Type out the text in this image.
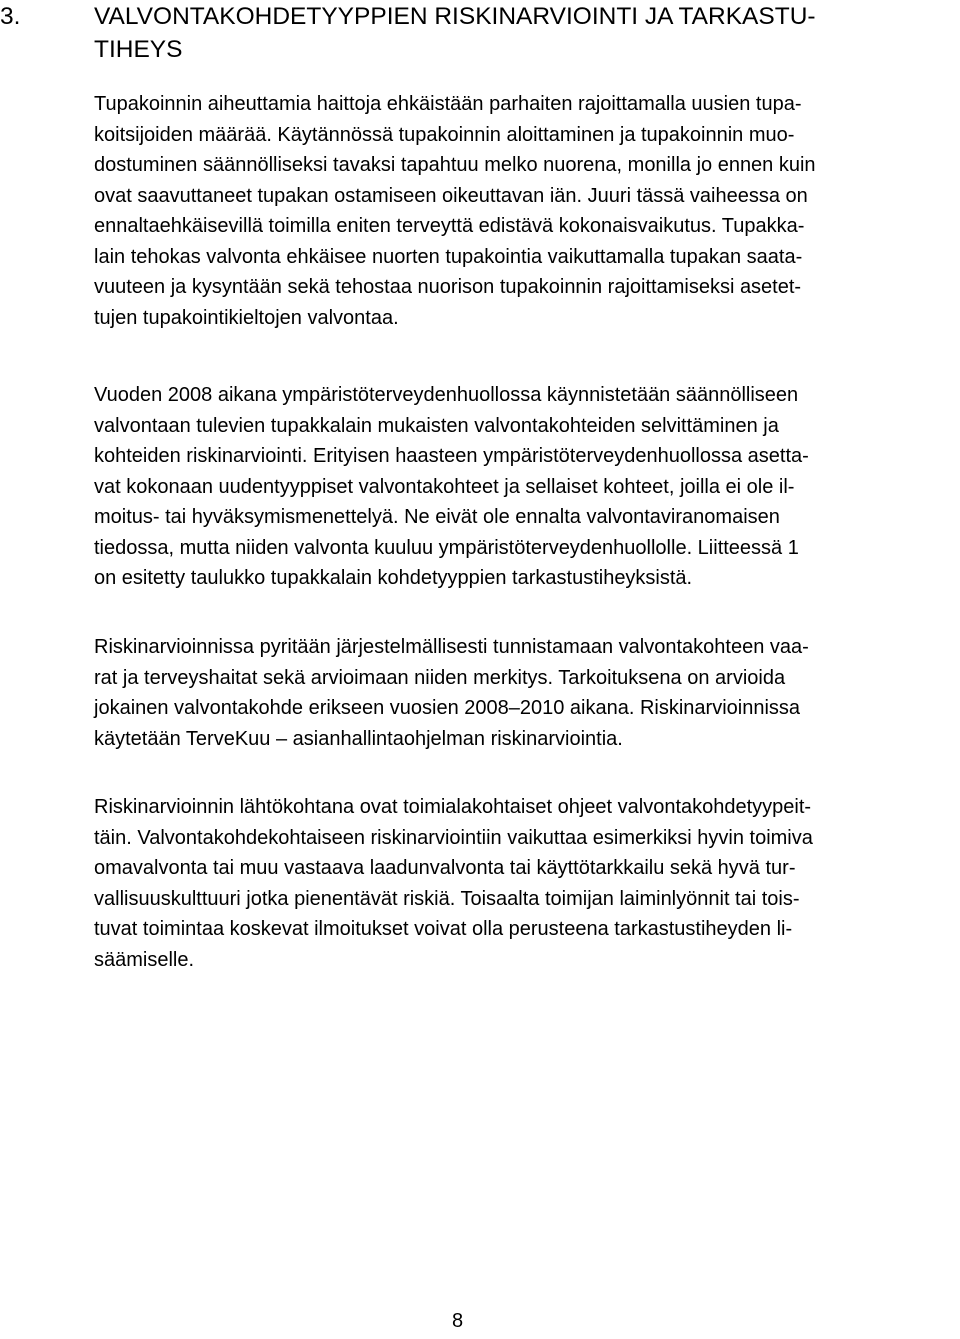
3.	VALVONTAKOHDETYYPPIEN RISKINARVIOINTI JA TARKASTU-
TIHEYS

Tupakoinnin aiheuttamia haittoja ehkäistään parhaiten rajoittamalla uusien tupa-
koitsijoiden määrää. Käytännössä tupakoinnin aloittaminen ja tupakoinnin muo-
dostuminen säännölliseksi tavaksi tapahtuu melko nuorena, monilla jo ennen kuin
ovat saavuttaneet tupakan ostamiseen oikeuttavan iän. Juuri tässä vaiheessa on
ennaltaehkäisevillä toimilla eniten terveyttä edistävä kokonaisvaikutus. Tupakka-
lain tehokas valvonta ehkäisee nuorten tupakointia vaikuttamalla tupakan saata-
vuuteen ja kysyntään sekä tehostaa nuorison tupakoinnin rajoittamiseksi asetet-
tujen tupakointikieltojen valvontaa.

Vuoden 2008 aikana ympäristöterveydenhuollossa käynnistetään säännölliseen
valvontaan tulevien tupakkalain mukaisten valvontakohteiden selvittäminen ja
kohteiden riskinarviointi. Erityisen haasteen ympäristöterveydenhuollossa asetta-
vat kokonaan uudentyyppiset valvontakohteet ja sellaiset kohteet, joilla ei ole il-
moitus- tai hyväksymismenettelyä. Ne eivät ole ennalta valvontaviranomaisen
tiedossa, mutta niiden valvonta kuuluu ympäristöterveydenhuollolle. Liitteessä 1
on esitetty taulukko tupakkalain kohdetyyppien tarkastustiheyksistä.

Riskinarvioinnissa pyritään järjestelmällisesti tunnistamaan valvontakohteen vaa-
rat ja terveyshaitat sekä arvioimaan niiden merkitys. Tarkoituksena on arvioida
jokainen valvontakohde erikseen vuosien 2008–2010 aikana. Riskinarvioinnissa
käytetään TerveKuu – asianhallintaohjelman riskinarviointia.

Riskinarvioinnin lähtökohtana ovat toimialakohtaiset ohjeet valvontakohdetyypeit-
täin. Valvontakohdekohtaiseen riskinarviointiin vaikuttaa esimerkiksi hyvin toimiva
omavalvonta tai muu vastaava laadunvalvonta tai käyttötarkkailu sekä hyvä tur-
vallisuuskulttuuri jotka pienentävät riskiä. Toisaalta toimijan laiminlyönnit tai tois-
tuvat toimintaa koskevat ilmoitukset voivat olla perusteena tarkastustiheyden li-
säämiselle.

8
